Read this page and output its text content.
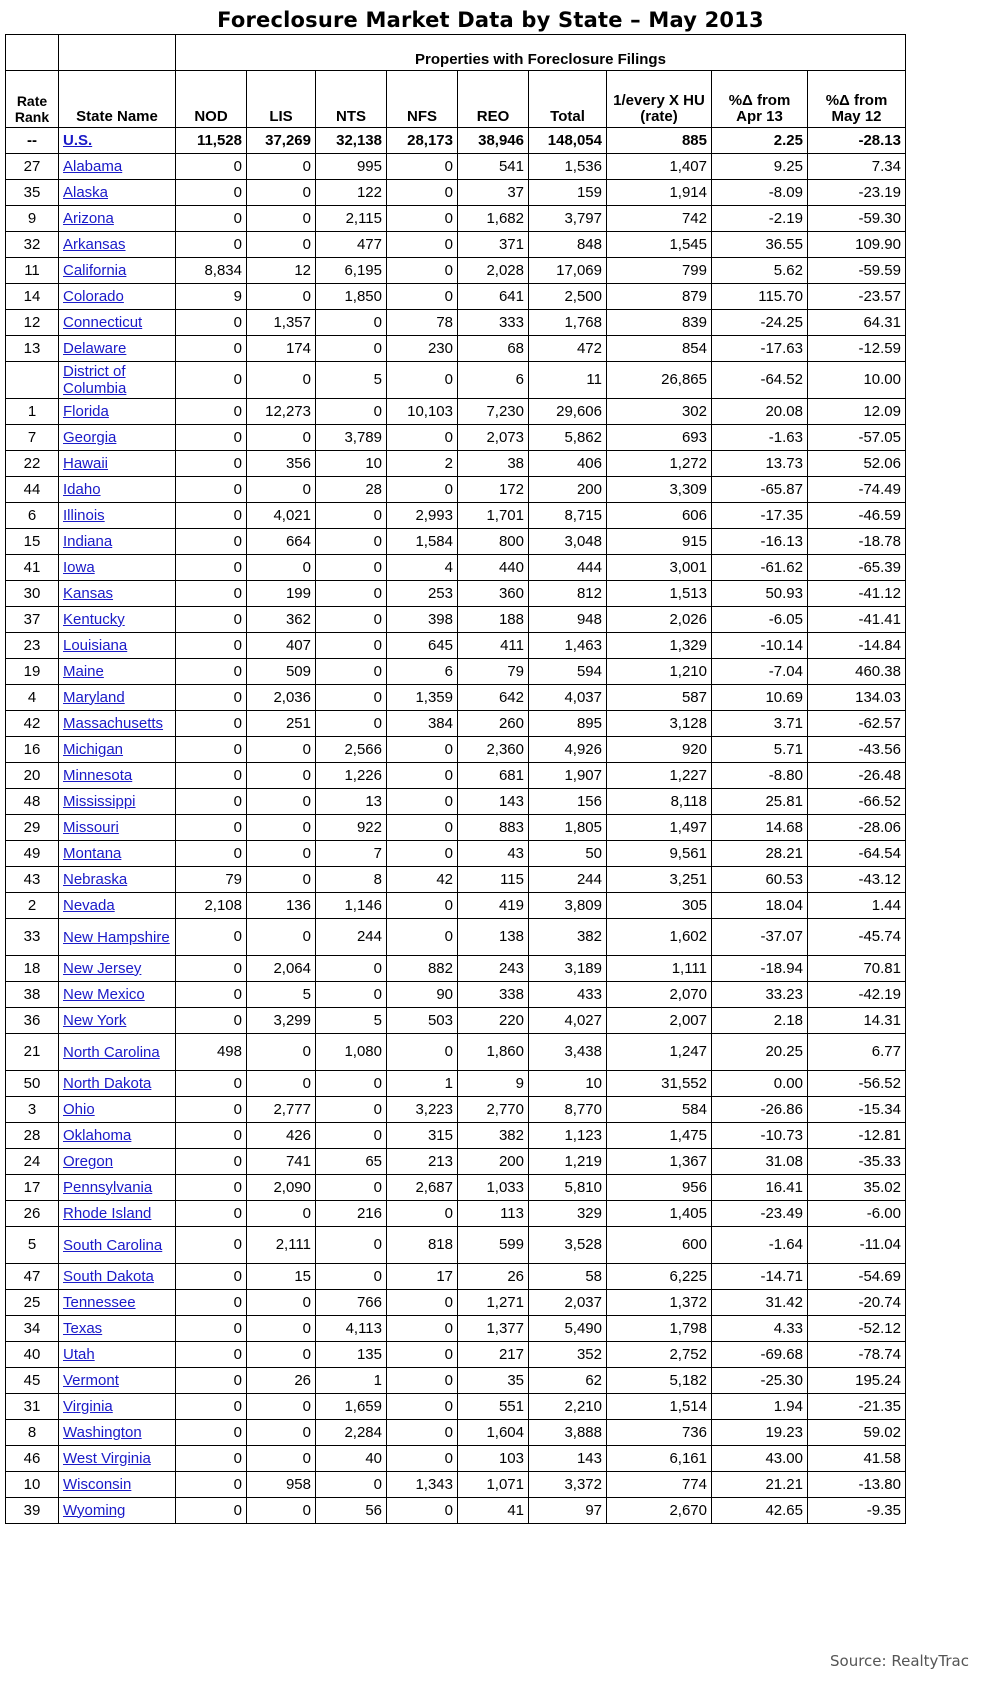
Foreclosure Market Data by State – May 2013
		Properties with Foreclosure Filings								
Rate Rank	State Name	NOD	LIS	NTS	NFS	REO	Total	1/every X HU (rate)	%Δ from Apr 13	%Δ from May 12
--	U.S.	11,528	37,269	32,138	28,173	38,946	148,054	885	2.25	-28.13
27	Alabama	0	0	995	0	541	1,536	1,407	9.25	7.34
35	Alaska	0	0	122	0	37	159	1,914	-8.09	-23.19
9	Arizona	0	0	2,115	0	1,682	3,797	742	-2.19	-59.30
32	Arkansas	0	0	477	0	371	848	1,545	36.55	109.90
11	California	8,834	12	6,195	0	2,028	17,069	799	5.62	-59.59
14	Colorado	9	0	1,850	0	641	2,500	879	115.70	-23.57
12	Connecticut	0	1,357	0	78	333	1,768	839	-24.25	64.31
13	Delaware	0	174	0	230	68	472	854	-17.63	-12.59
	District of Columbia	0	0	5	0	6	11	26,865	-64.52	10.00
1	Florida	0	12,273	0	10,103	7,230	29,606	302	20.08	12.09
7	Georgia	0	0	3,789	0	2,073	5,862	693	-1.63	-57.05
22	Hawaii	0	356	10	2	38	406	1,272	13.73	52.06
44	Idaho	0	0	28	0	172	200	3,309	-65.87	-74.49
6	Illinois	0	4,021	0	2,993	1,701	8,715	606	-17.35	-46.59
15	Indiana	0	664	0	1,584	800	3,048	915	-16.13	-18.78
41	Iowa	0	0	0	4	440	444	3,001	-61.62	-65.39
30	Kansas	0	199	0	253	360	812	1,513	50.93	-41.12
37	Kentucky	0	362	0	398	188	948	2,026	-6.05	-41.41
23	Louisiana	0	407	0	645	411	1,463	1,329	-10.14	-14.84
19	Maine	0	509	0	6	79	594	1,210	-7.04	460.38
4	Maryland	0	2,036	0	1,359	642	4,037	587	10.69	134.03
42	Massachusetts	0	251	0	384	260	895	3,128	3.71	-62.57
16	Michigan	0	0	2,566	0	2,360	4,926	920	5.71	-43.56
20	Minnesota	0	0	1,226	0	681	1,907	1,227	-8.80	-26.48
48	Mississippi	0	0	13	0	143	156	8,118	25.81	-66.52
29	Missouri	0	0	922	0	883	1,805	1,497	14.68	-28.06
49	Montana	0	0	7	0	43	50	9,561	28.21	-64.54
43	Nebraska	79	0	8	42	115	244	3,251	60.53	-43.12
2	Nevada	2,108	136	1,146	0	419	3,809	305	18.04	1.44
33	New Hampshire	0	0	244	0	138	382	1,602	-37.07	-45.74
18	New Jersey	0	2,064	0	882	243	3,189	1,111	-18.94	70.81
38	New Mexico	0	5	0	90	338	433	2,070	33.23	-42.19
36	New York	0	3,299	5	503	220	4,027	2,007	2.18	14.31
21	North Carolina	498	0	1,080	0	1,860	3,438	1,247	20.25	6.77
50	North Dakota	0	0	0	1	9	10	31,552	0.00	-56.52
3	Ohio	0	2,777	0	3,223	2,770	8,770	584	-26.86	-15.34
28	Oklahoma	0	426	0	315	382	1,123	1,475	-10.73	-12.81
24	Oregon	0	741	65	213	200	1,219	1,367	31.08	-35.33
17	Pennsylvania	0	2,090	0	2,687	1,033	5,810	956	16.41	35.02
26	Rhode Island	0	0	216	0	113	329	1,405	-23.49	-6.00
5	South Carolina	0	2,111	0	818	599	3,528	600	-1.64	-11.04
47	South Dakota	0	15	0	17	26	58	6,225	-14.71	-54.69
25	Tennessee	0	0	766	0	1,271	2,037	1,372	31.42	-20.74
34	Texas	0	0	4,113	0	1,377	5,490	1,798	4.33	-52.12
40	Utah	0	0	135	0	217	352	2,752	-69.68	-78.74
45	Vermont	0	26	1	0	35	62	5,182	-25.30	195.24
31	Virginia	0	0	1,659	0	551	2,210	1,514	1.94	-21.35
8	Washington	0	0	2,284	0	1,604	3,888	736	19.23	59.02
46	West Virginia	0	0	40	0	103	143	6,161	43.00	41.58
10	Wisconsin	0	958	0	1,343	1,071	3,372	774	21.21	-13.80
39	Wyoming	0	0	56	0	41	97	2,670	42.65	-9.35
Source: RealtyTrac
